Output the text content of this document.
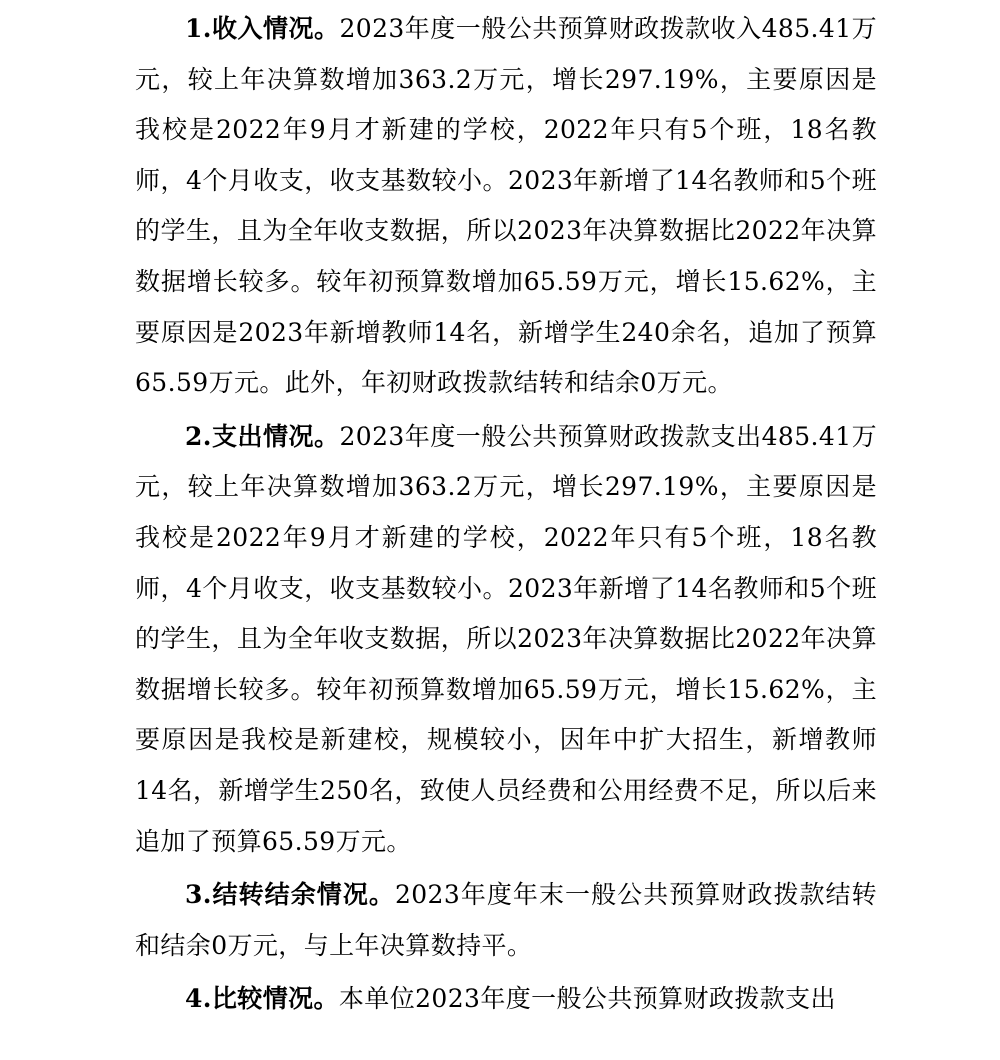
1.收入情况。2023年度一般公共预算财政拨款收入485.41万元，较上年决算数增加363.2万元，增长297.19%，主要原因是我校是2022年9月才新建的学校，2022年只有5个班，18名教师，4个月收支，收支基数较小。2023年新增了14名教师和5个班的学生，且为全年收支数据，所以2023年决算数据比2022年决算数据增长较多。较年初预算数增加65.59万元，增长15.62%，主要原因是2023年新增教师14名，新增学生240余名，追加了预算65.59万元。此外，年初财政拨款结转和结余0万元。

2.支出情况。2023年度一般公共预算财政拨款支出485.41万元，较上年决算数增加363.2万元，增长297.19%，主要原因是我校是2022年9月才新建的学校，2022年只有5个班，18名教师，4个月收支，收支基数较小。2023年新增了14名教师和5个班的学生，且为全年收支数据，所以2023年决算数据比2022年决算数据增长较多。较年初预算数增加65.59万元，增长15.62%，主要原因是我校是新建校，规模较小，因年中扩大招生，新增教师14名，新增学生250名，致使人员经费和公用经费不足，所以后来追加了预算65.59万元。

3.结转结余情况。2023年度年末一般公共预算财政拨款结转和结余0万元，与上年决算数持平。

4.比较情况。本单位2023年度一般公共预算财政拨款支出
